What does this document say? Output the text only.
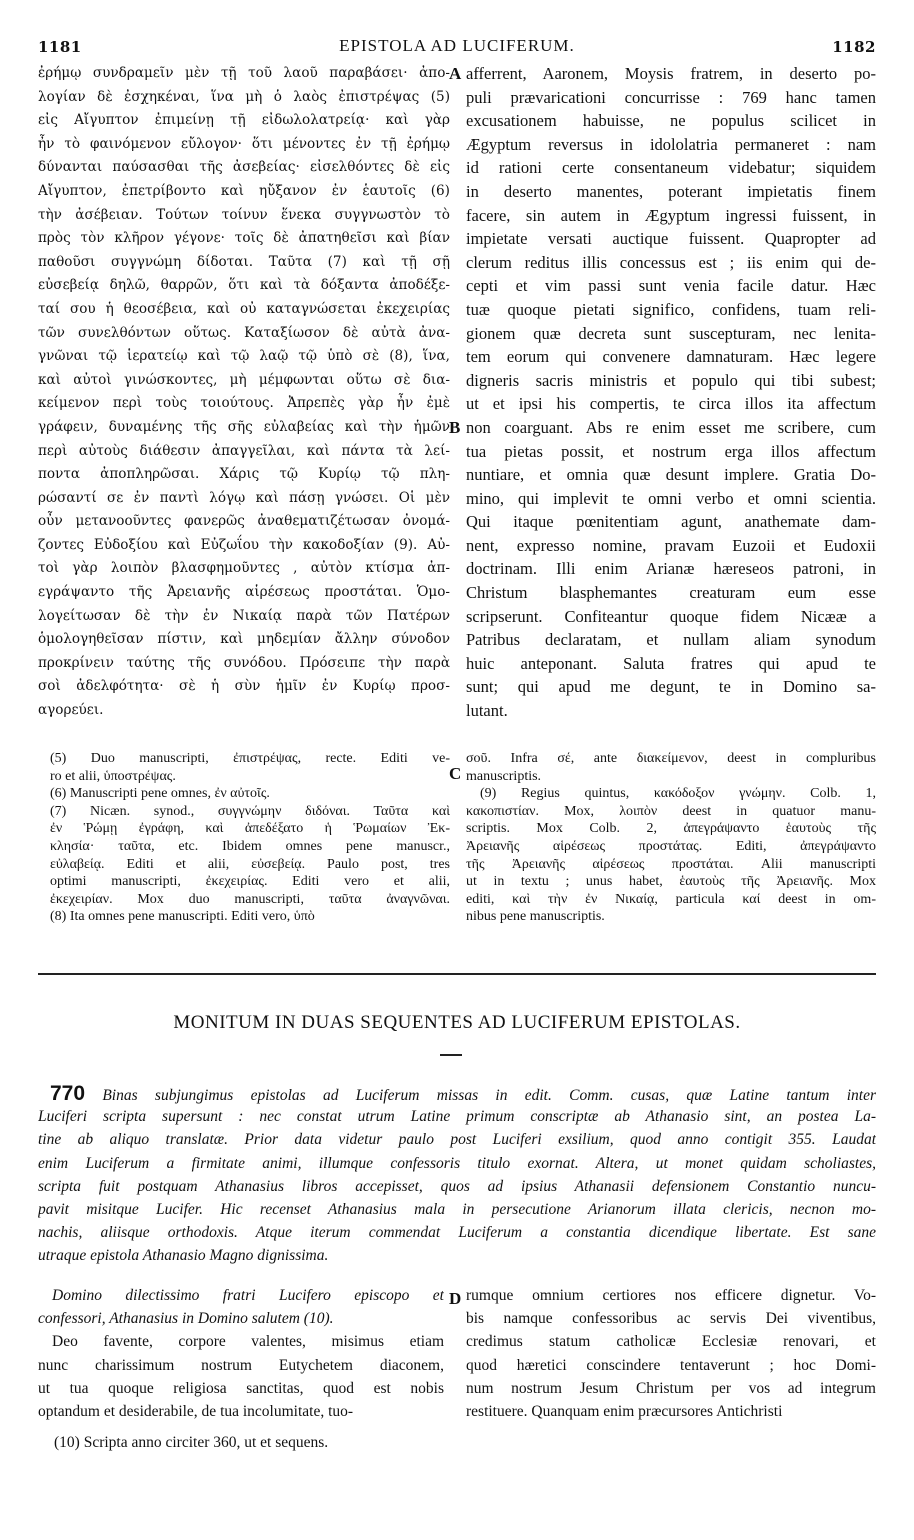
1181	EPISTOLA AD LUCIFERUM.	1182
ἐρήμῳ συνδραμεῖν μὲν τῇ τοῦ λαοῦ παραβάσει· ἀπο-
λογίαν δὲ ἐσχηκέναι, ἵνα μὴ ὁ λαὸς ἐπιστρέψας (5)
εἰς Αἴγυπτον ἐπιμείνῃ τῇ εἰδωλολατρείᾳ· καὶ γὰρ
ἦν τὸ φαινόμενον εὔλογον· ὅτι μένοντες ἐν τῇ ἐρήμῳ
δύνανται παύσασθαι τῆς ἀσεβείας· εἰσελθόντες δὲ εἰς
Αἴγυπτον, ἐπετρίβοντο καὶ ηὔξανον ἐν ἑαυτοῖς (6)
τὴν ἀσέβειαν. Τούτων τοίνυν ἕνεκα συγγνωστὸν τὸ
πρὸς τὸν κλῆρον γέγονε· τοῖς δὲ ἀπατηθεῖσι καὶ βίαν
παθοῦσι συγγνώμη δίδοται. Ταῦτα (7) καὶ τῇ σῇ
εὐσεβείᾳ δηλῶ, θαρρῶν, ὅτι καὶ τὰ δόξαντα ἀποδέξε-
ταί σου ἡ θεοσέβεια, καὶ οὐ καταγνώσεται ἐκεχειρίας
τῶν συνελθόντων οὕτως. Καταξίωσον δὲ αὐτὰ ἀνα-
γνῶναι τῷ ἱερατείῳ καὶ τῷ λαῷ τῷ ὑπὸ σὲ (8), ἵνα,
καὶ αὐτοὶ γινώσκοντες, μὴ μέμφωνται οὕτω σὲ δια-
κείμενον περὶ τοὺς τοιούτους. Ἀπρεπὲς γὰρ ἦν ἐμὲ
γράφειν, δυναμένης τῆς σῆς εὐλαβείας καὶ τὴν ἡμῶν
περὶ αὐτοὺς διάθεσιν ἀπαγγεῖλαι, καὶ πάντα τὰ λεί-
ποντα ἀποπληρῶσαι. Χάρις τῷ Κυρίῳ τῷ πλη-
ρώσαντί σε ἐν παντὶ λόγῳ καὶ πάσῃ γνώσει. Οἱ μὲν
οὖν μετανοοῦντες φανερῶς ἀναθεματιζέτωσαν ὀνομά-
ζοντες Εὐδοξίου καὶ Εὐζωΐου τὴν κακοδοξίαν (9). Αὐ-
τοὶ γὰρ λοιπὸν βλασφημοῦντες , αὐτὸν κτίσμα ἀπ-
εγράψαντο τῆς Ἀρειανῆς αἱρέσεως προστάται. Ὁμο-
λογείτωσαν δὲ τὴν ἐν Νικαίᾳ παρὰ τῶν Πατέρων
ὁμολογηθεῖσαν πίστιν, καὶ μηδεμίαν ἄλλην σύνοδον
προκρίνειν ταύτης τῆς συνόδου. Πρόσειπε τὴν παρὰ
σοὶ ἀδελφότητα· σὲ ἡ σὺν ἡμῖν ἐν Κυρίῳ προσ-
αγορεύει.
afferrent, Aaronem, Moysis fratrem, in deserto po-
puli prævaricationi concurrisse : 769 hanc tamen
excusationem habuisse, ne populus scilicet in
Ægyptum reversus in idololatria permaneret : nam
id rationi certe consentaneum videbatur; siquidem
in deserto manentes, poterant impietatis finem
facere, sin autem in Ægyptum ingressi fuissent, in
impietate versati auctique fuissent. Quapropter ad
clerum reditus illis concessus est ; iis enim qui de-
cepti et vim passi sunt venia facile datur. Hæc
tuæ quoque pietati significo, confidens, tuam reli-
gionem quæ decreta sunt suscepturam, nec lenita-
tem eorum qui convenere damnaturam. Hæc legere
digneris sacris ministris et populo qui tibi subest;
ut et ipsi his compertis, te circa illos ita affectum
non coarguant. Abs re enim esset me scribere, cum
tua pietas possit, et nostrum erga illos affectum
nuntiare, et omnia quæ desunt implere. Gratia Do-
mino, qui implevit te omni verbo et omni scientia.
Qui itaque pœnitentiam agunt, anathemate dam-
nent, expresso nomine, pravam Euzoii et Eudoxii
doctrinam. Illi enim Arianæ hæreseos patroni, in
Christum blasphemantes creaturam eum esse
scripserunt. Confiteantur quoque fidem Nicææ a
Patribus declaratam, et nullam aliam synodum
huic anteponant. Saluta fratres qui apud te
sunt; qui apud me degunt, te in Domino sa-
lutant.
A
B
C
D
(5) Duo manuscripti, ἐπιστρέψας, recte. Editi ve-
ro et alii, ὑποστρέψας.
(6) Manuscripti pene omnes, ἐν αὐτοῖς.
(7) Nicæn. synod., συγγνώμην διδόναι. Ταῦτα καὶ
ἐν Ῥώμῃ ἐγράφη, καὶ ἀπεδέξατο ἡ Ῥωμαίων Ἐκ-
κλησία· ταῦτα, etc. Ibidem omnes pene manuscr.,
εὐλαβείᾳ. Editi et alii, εὐσεβείᾳ. Paulo post, tres
optimi manuscripti, ἐκεχειρίας. Editi vero et alii,
ἐκεχειρίαν. Mox duo manuscripti, ταῦτα ἀναγνῶναι.
(8) Ita omnes pene manuscripti. Editi vero, ὑπὸ
σοῦ. Infra σέ, ante διακείμενον, deest in compluribus
manuscriptis.
(9) Regius quintus, κακόδοξον γνώμην. Colb. 1,
κακοπιστίαν. Mox, λοιπὸν deest in quatuor manu-
scriptis. Mox Colb. 2, ἀπεγράψαντο ἑαυτοὺς τῆς
Ἀρειανῆς αἱρέσεως προστάτας. Editi, ἀπεγράψαντο
τῆς Ἀρειανῆς αἱρέσεως προστάται. Alii manuscripti
ut in textu ; unus habet, ἑαυτοὺς τῆς Ἀρειανῆς. Mox
editi, καὶ τὴν ἐν Νικαίᾳ, particula καί deest in om-
nibus pene manuscriptis.
MONITUM IN DUAS SEQUENTES AD LUCIFERUM EPISTOLAS.
770 Binas subjungimus epistolas ad Luciferum missas in edit. Comm. cusas, quæ Latine tantum inter
Luciferi scripta supersunt : nec constat utrum Latine primum conscriptæ ab Athanasio sint, an postea La-
tine ab aliquo translatæ. Prior data videtur paulo post Luciferi exsilium, quod anno contigit 355. Laudat
enim Luciferum a firmitate animi, illumque confessoris titulo exornat. Altera, ut monet quidam scholiastes,
scripta fuit postquam Athanasius libros accepisset, quos ad ipsius Athanasii defensionem Constantio nuncu-
pavit misitque Lucifer. Hic recenset Athanasius mala in persecutione Arianorum illata clericis, necnon mo-
nachis, aliisque orthodoxis. Atque iterum commendat Luciferum a constantia dicendique libertate. Est sane
utraque epistola Athanasio Magno dignissima.
Domino dilectissimo fratri Lucifero episcopo et
confessori, Athanasius in Domino salutem (10).
Deo favente, corpore valentes, misimus etiam
nunc charissimum nostrum Eutychetem diaconem,
ut tua quoque religiosa sanctitas, quod est nobis
optandum et desiderabile, de tua incolumitate, tuo-
rumque omnium certiores nos efficere dignetur. Vo-
bis namque confessoribus ac servis Dei viventibus,
credimus statum catholicæ Ecclesiæ renovari, et
quod hæretici conscindere tentaverunt ; hoc Domi-
num nostrum Jesum Christum per vos ad integrum
restituere. Quanquam enim præcursores Antichristi
(10) Scripta anno circiter 360, ut et sequens.
